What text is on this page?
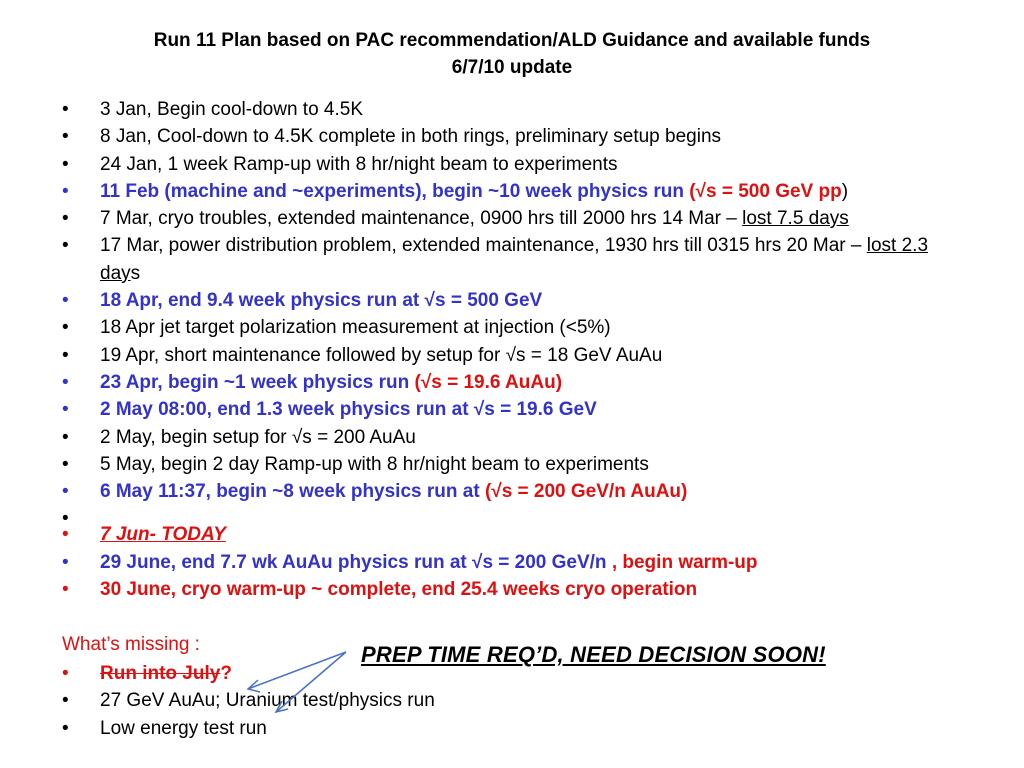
Run 11 Plan based on PAC recommendation/ALD Guidance and available funds
6/7/10 update
• 3 Jan, Begin cool-down to 4.5K
• 8 Jan, Cool-down to 4.5K complete in both rings, preliminary setup begins
• 24 Jan, 1 week Ramp-up with 8 hr/night beam to experiments
• 11 Feb (machine and ~experiments), begin ~10 week physics run (√s = 500 GeV pp)
• 7 Mar, cryo troubles, extended maintenance, 0900 hrs till 2000 hrs 14 Mar – lost 7.5 days
• 17 Mar, power distribution problem, extended maintenance, 1930 hrs till 0315 hrs 20 Mar – lost 2.3 days
• 18 Apr, end 9.4 week physics run at √s = 500 GeV
• 18 Apr jet target polarization measurement at injection (<5%)
• 19 Apr, short maintenance followed by setup for √s = 18 GeV AuAu
• 23 Apr, begin ~1 week physics run (√s = 19.6 AuAu)
• 2 May 08:00, end 1.3 week physics run at √s = 19.6 GeV
• 2 May, begin setup for √s = 200 AuAu
• 5 May, begin 2 day Ramp-up with 8 hr/night beam to experiments
• 6 May 11:37, begin ~8 week physics run at (√s = 200 GeV/n AuAu)
•
• 7 Jun- TODAY
• 29 June, end 7.7 wk AuAu physics run at √s = 200 GeV/n , begin warm-up
• 30 June, cryo warm-up ~ complete, end 25.4 weeks cryo operation
What’s missing :
• Run into July?
• 27 GeV AuAu; Uranium test/physics run
• Low energy test run
PREP TIME REQ’D, NEED DECISION SOON!
